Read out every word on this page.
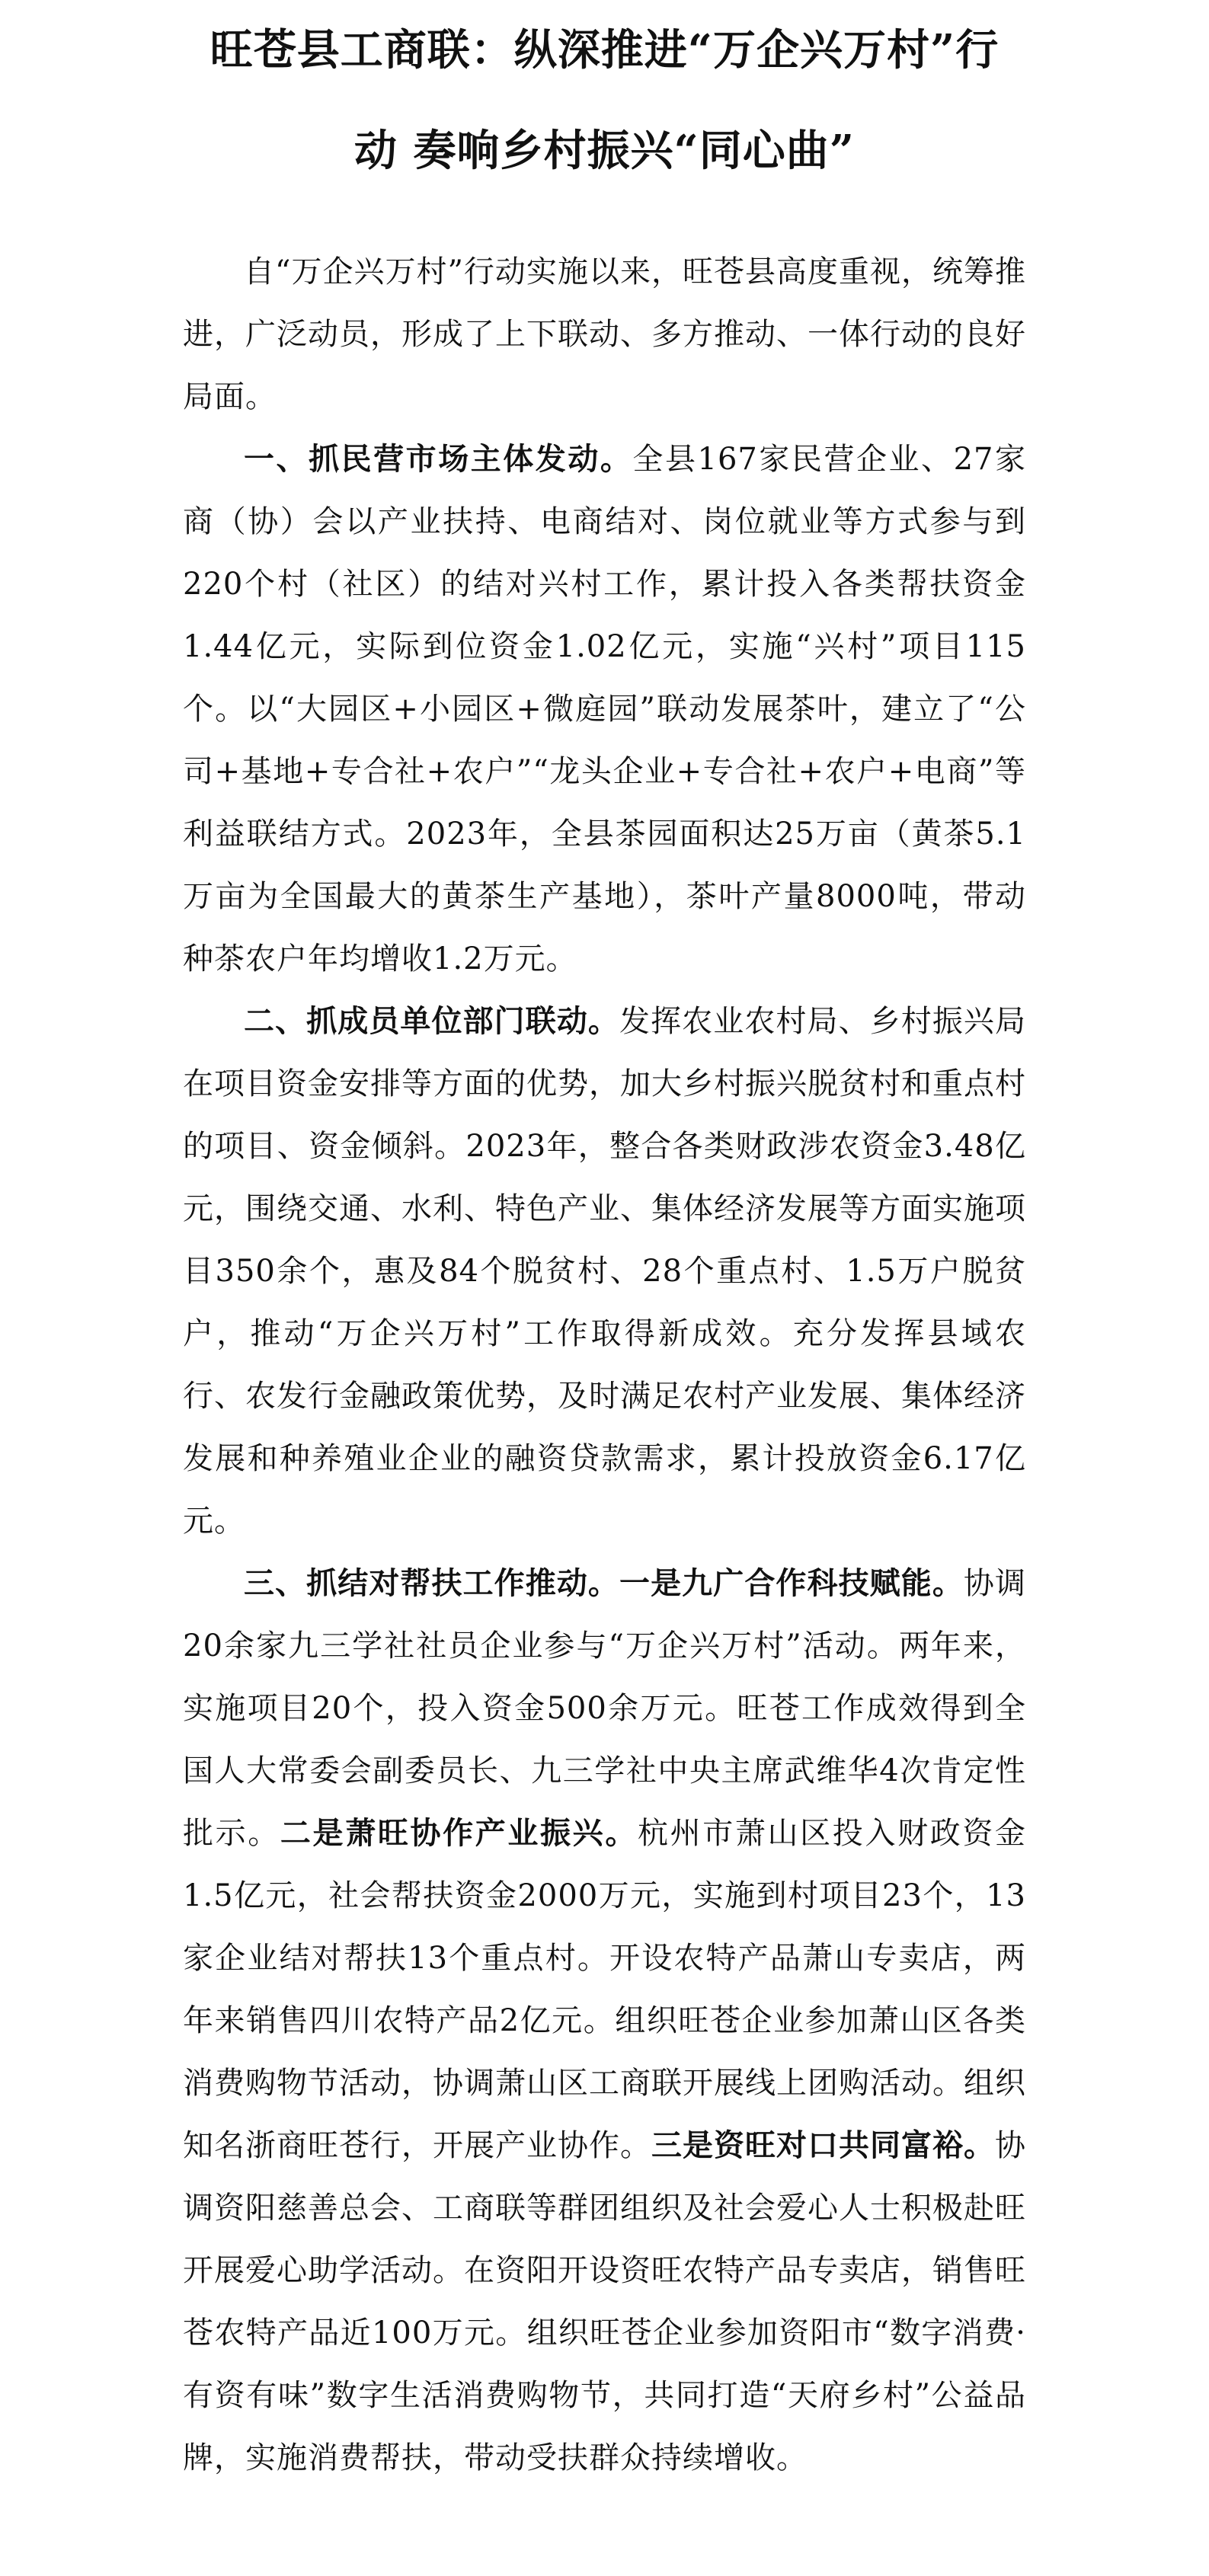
旺苍县工商联：纵深推进“万企兴万村”行
动 奏响乡村振兴“同心曲”

自“万企兴万村”行动实施以来，旺苍县高度重视，统筹推进，广泛动员，形成了上下联动、多方推动、一体行动的良好局面。

一、抓民营市场主体发动。全县167家民营企业、27家商（协）会以产业扶持、电商结对、岗位就业等方式参与到220个村（社区）的结对兴村工作，累计投入各类帮扶资金1.44亿元，实际到位资金1.02亿元，实施“兴村”项目115个。以“大园区+小园区+微庭园”联动发展茶叶，建立了“公司+基地+专合社+农户”“龙头企业+专合社+农户+电商”等利益联结方式。2023年，全县茶园面积达25万亩（黄茶5.1万亩为全国最大的黄茶生产基地），茶叶产量8000吨，带动种茶农户年均增收1.2万元。

二、抓成员单位部门联动。发挥农业农村局、乡村振兴局在项目资金安排等方面的优势，加大乡村振兴脱贫村和重点村的项目、资金倾斜。2023年，整合各类财政涉农资金3.48亿元，围绕交通、水利、特色产业、集体经济发展等方面实施项目350余个，惠及84个脱贫村、28个重点村、1.5万户脱贫户，推动“万企兴万村”工作取得新成效。充分发挥县域农行、农发行金融政策优势，及时满足农村产业发展、集体经济发展和种养殖业企业的融资贷款需求，累计投放资金6.17亿元。

三、抓结对帮扶工作推动。一是九广合作科技赋能。协调20余家九三学社社员企业参与“万企兴万村”活动。两年来，实施项目20个，投入资金500余万元。旺苍工作成效得到全国人大常委会副委员长、九三学社中央主席武维华4次肯定性批示。二是萧旺协作产业振兴。杭州市萧山区投入财政资金1.5亿元，社会帮扶资金2000万元，实施到村项目23个，13家企业结对帮扶13个重点村。开设农特产品萧山专卖店，两年来销售四川农特产品2亿元。组织旺苍企业参加萧山区各类消费购物节活动，协调萧山区工商联开展线上团购活动。组织知名浙商旺苍行，开展产业协作。三是资旺对口共同富裕。协调资阳慈善总会、工商联等群团组织及社会爱心人士积极赴旺开展爱心助学活动。在资阳开设资旺农特产品专卖店，销售旺苍农特产品近100万元。组织旺苍企业参加资阳市“数字消费·有资有味”数字生活消费购物节，共同打造“天府乡村”公益品牌，实施消费帮扶，带动受扶群众持续增收。
